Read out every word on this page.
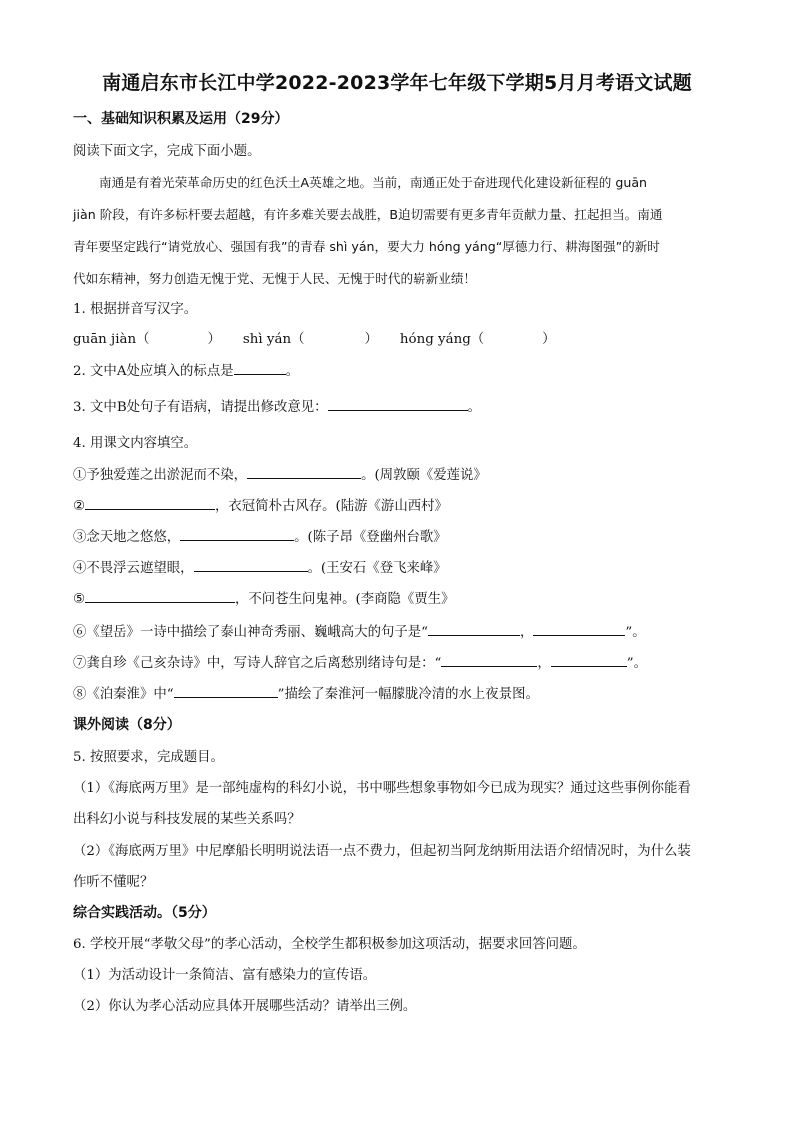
南通启东市长江中学2022-2023学年七年级下学期5月月考语文试题
一、基础知识积累及运用（29分）
阅读下面文字，完成下面小题。
南通是有着光荣革命历史的红色沃土A英雄之地。当前，南通正处于奋进现代化建设新征程的 guān
jiàn 阶段，有许多标杆要去超越，有许多难关要去战胜，B迫切需要有更多青年贡献力量、扛起担当。南通
青年要坚定践行“请党放心、强国有我”的青春 shì yán，要大力 hóng yáng“厚德力行、耕海图强”的新时
代如东精神，努力创造无愧于党、无愧于人民、无愧于时代的崭新业绩！
1. 根据拼音写汉字。
guān jiàn（	） shì yán（	） hóng yáng（	）
2. 文中A处应填入的标点是	。
3. 文中B处句子有语病，请提出修改意见：	。
4. 用课文内容填空。
①予独爱莲之出淤泥而不染，	。(周敦颐《爱莲说》
②	，衣冠简朴古风存。(陆游《游山西村》
③念天地之悠悠，	。(陈子昂《登幽州台歌》
④不畏浮云遮望眼，	。(王安石《登飞来峰》
⑤	，不问苍生问鬼神。(李商隐《贾生》
⑥《望岳》一诗中描绘了泰山神奇秀丽、巍峨高大的句子是“	，	”。
⑦龚自珍《己亥杂诗》中，写诗人辞官之后离愁别绪诗句是：“	，	”。
⑧《泊秦淮》中“	”描绘了秦淮河一幅朦胧冷清的水上夜景图。
课外阅读（8分）
5. 按照要求，完成题目。
（1）《海底两万里》是一部纯虚构的科幻小说，书中哪些想象事物如今已成为现实？通过这些事例你能看
出科幻小说与科技发展的某些关系吗？
（2）《海底两万里》中尼摩船长明明说法语一点不费力，但起初当阿龙纳斯用法语介绍情况时，为什么装
作听不懂呢？
综合实践活动。（5分）
6. 学校开展“孝敬父母”的孝心活动，全校学生都积极参加这项活动，据要求回答问题。
（1）为活动设计一条简洁、富有感染力的宣传语。
（2）你认为孝心活动应具体开展哪些活动？请举出三例。
